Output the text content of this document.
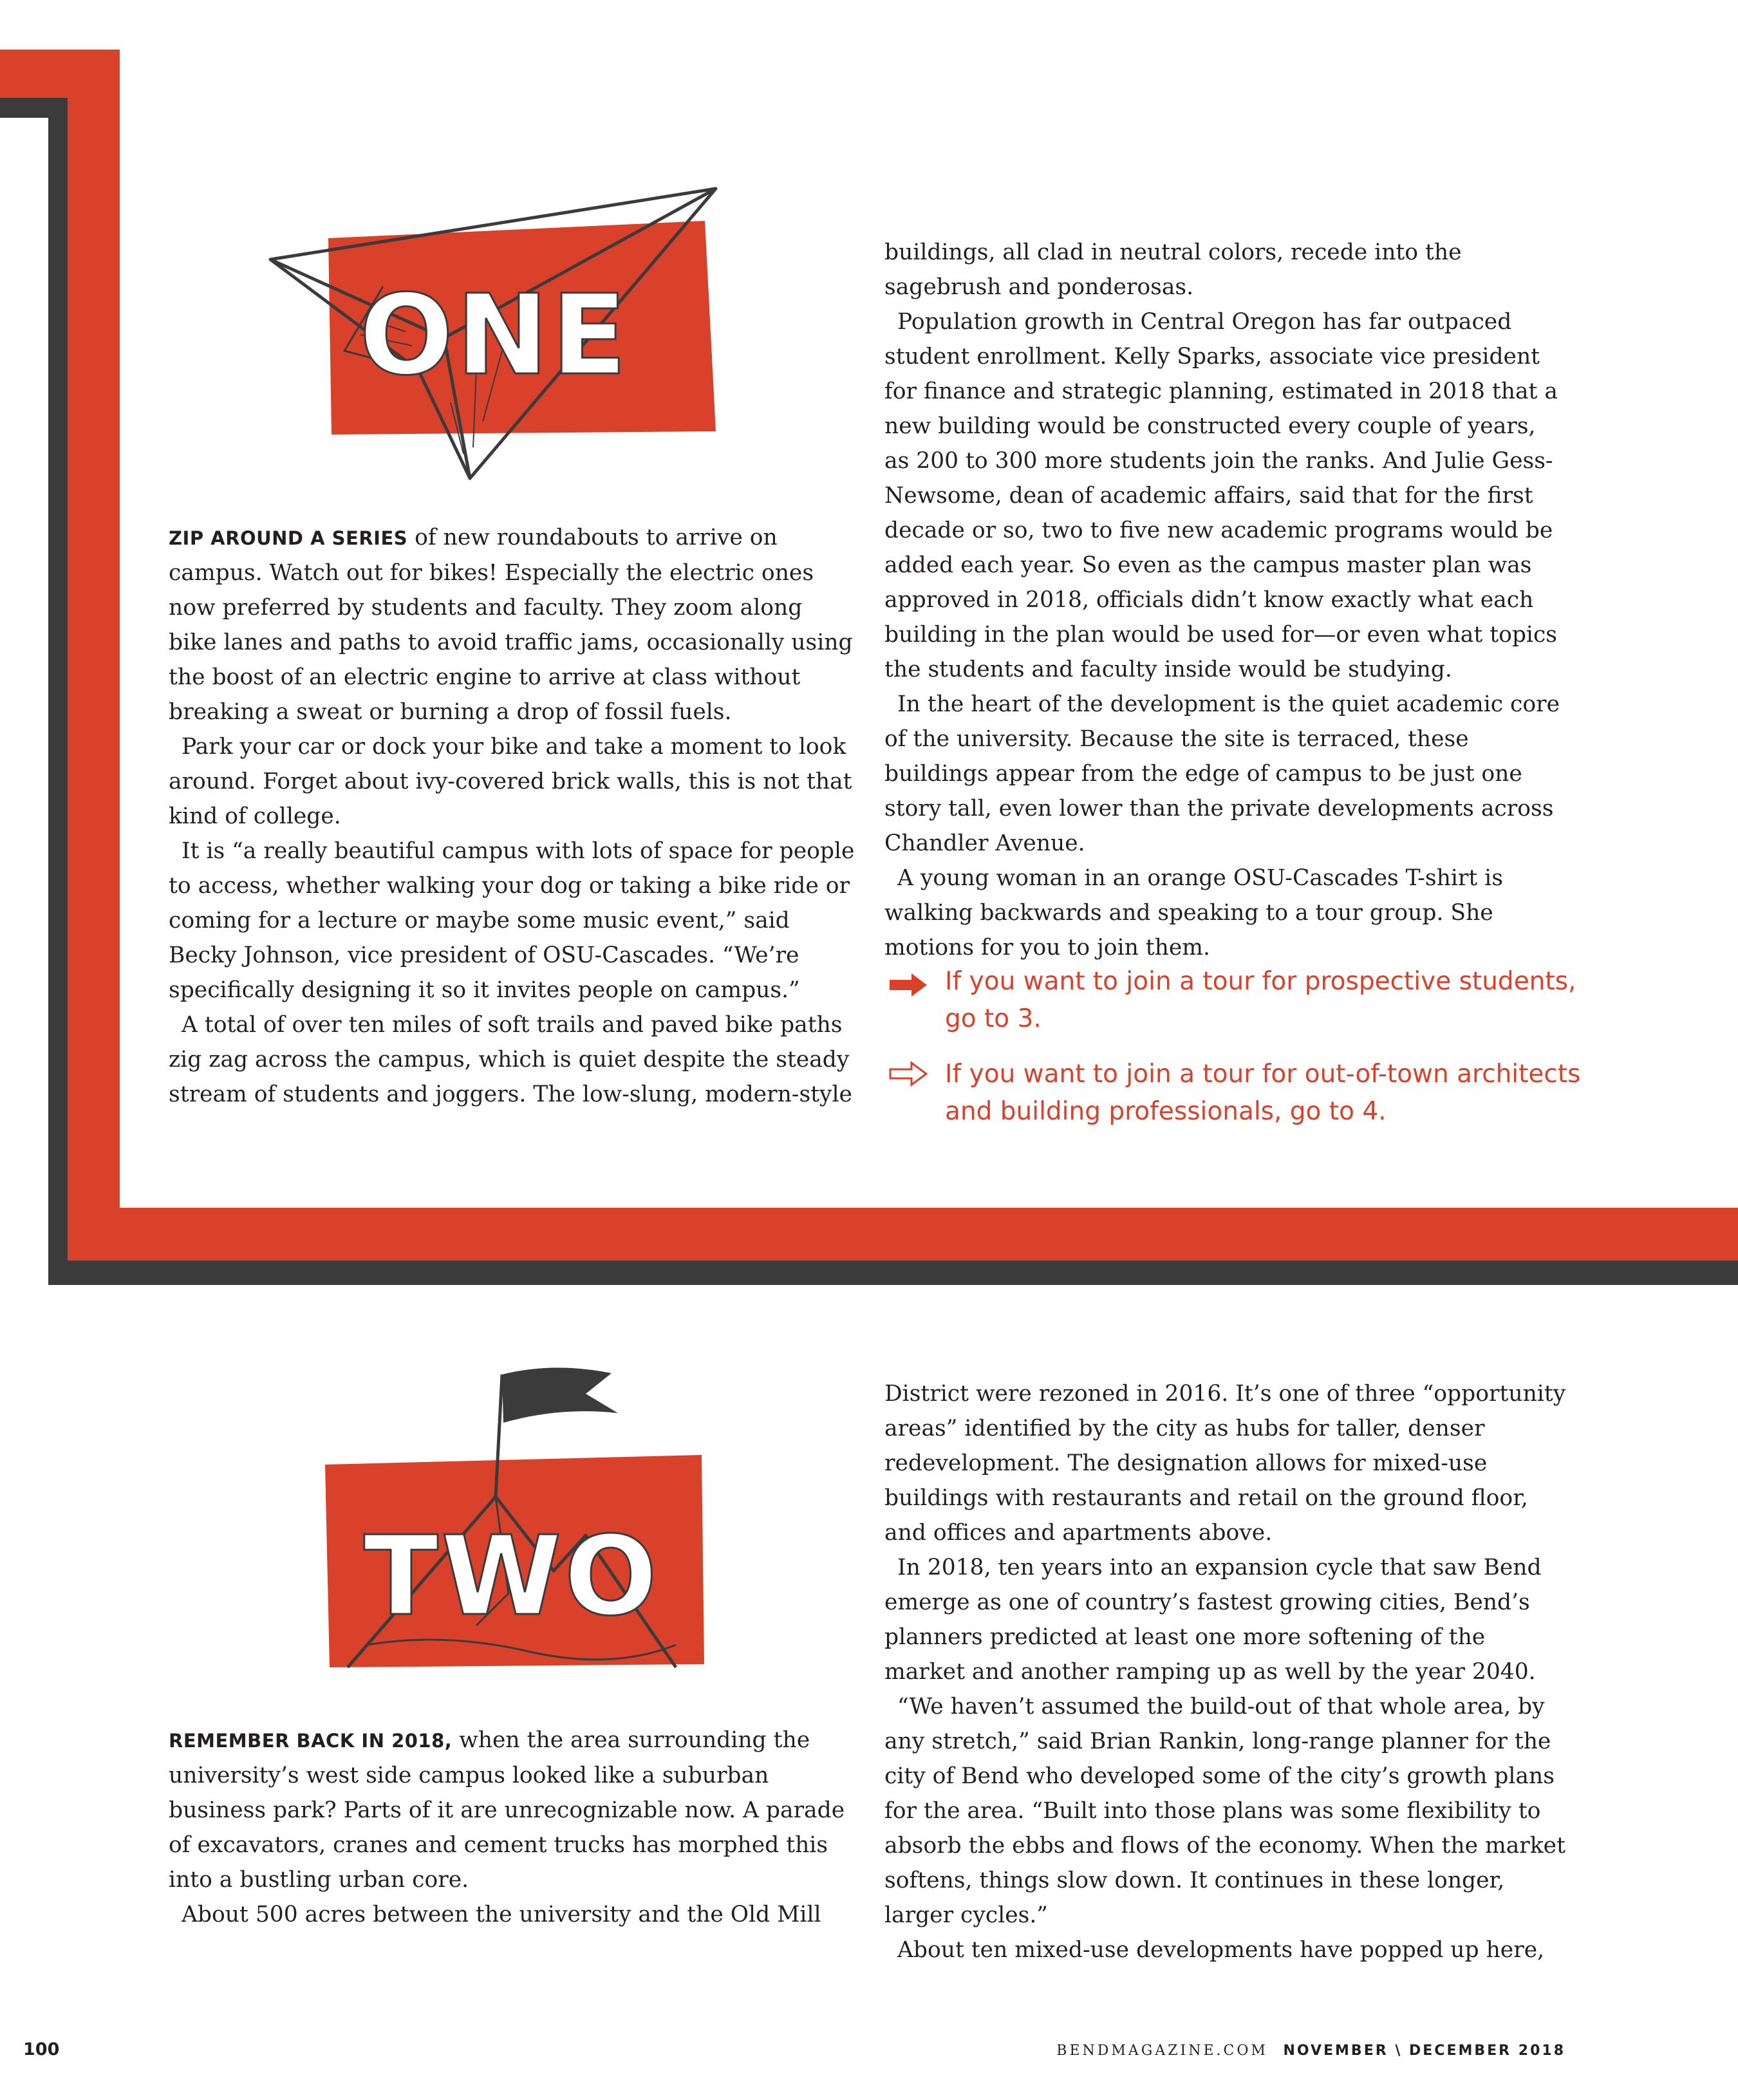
ONE

ZIP AROUND A SERIES of new roundabouts to arrive on campus. Watch out for bikes! Especially the electric ones now preferred by students and faculty. They zoom along bike lanes and paths to avoid traffic jams, occasionally using the boost of an electric engine to arrive at class without breaking a sweat or burning a drop of fossil fuels.

Park your car or dock your bike and take a moment to look around. Forget about ivy-covered brick walls, this is not that kind of college.

It is “a really beautiful campus with lots of space for people to access, whether walking your dog or taking a bike ride or coming for a lecture or maybe some music event,” said Becky Johnson, vice president of OSU-Cascades. “We’re specifically designing it so it invites people on campus.”

A total of over ten miles of soft trails and paved bike paths zig zag across the campus, which is quiet despite the steady stream of students and joggers. The low-slung, modern-style

buildings, all clad in neutral colors, recede into the sagebrush and ponderosas.

Population growth in Central Oregon has far outpaced student enrollment. Kelly Sparks, associate vice president for finance and strategic planning, estimated in 2018 that a new building would be constructed every couple of years, as 200 to 300 more students join the ranks. And Julie Gess-Newsome, dean of academic affairs, said that for the first decade or so, two to five new academic programs would be added each year. So even as the campus master plan was approved in 2018, officials didn’t know exactly what each building in the plan would be used for—or even what topics the students and faculty inside would be studying.

In the heart of the development is the quiet academic core of the university. Because the site is terraced, these buildings appear from the edge of campus to be just one story tall, even lower than the private developments across Chandler Avenue.

A young woman in an orange OSU-Cascades T-shirt is walking backwards and speaking to a tour group. She motions for you to join them.

If you want to join a tour for prospective students, go to 3.

If you want to join a tour for out-of-town architects and building professionals, go to 4.

TWO

REMEMBER BACK IN 2018, when the area surrounding the university’s west side campus looked like a suburban business park? Parts of it are unrecognizable now. A parade of excavators, cranes and cement trucks has morphed this into a bustling urban core.

About 500 acres between the university and the Old Mill

District were rezoned in 2016. It’s one of three “opportunity areas” identified by the city as hubs for taller, denser redevelopment. The designation allows for mixed-use buildings with restaurants and retail on the ground floor, and offices and apartments above.

In 2018, ten years into an expansion cycle that saw Bend emerge as one of country’s fastest growing cities, Bend’s planners predicted at least one more softening of the market and another ramping up as well by the year 2040.

“We haven’t assumed the build-out of that whole area, by any stretch,” said Brian Rankin, long-range planner for the city of Bend who developed some of the city’s growth plans for the area. “Built into those plans was some flexibility to absorb the ebbs and flows of the economy. When the market softens, things slow down. It continues in these longer, larger cycles.”

About ten mixed-use developments have popped up here,

100	BENDMAGAZINE.COM NOVEMBER \ DECEMBER 2018
